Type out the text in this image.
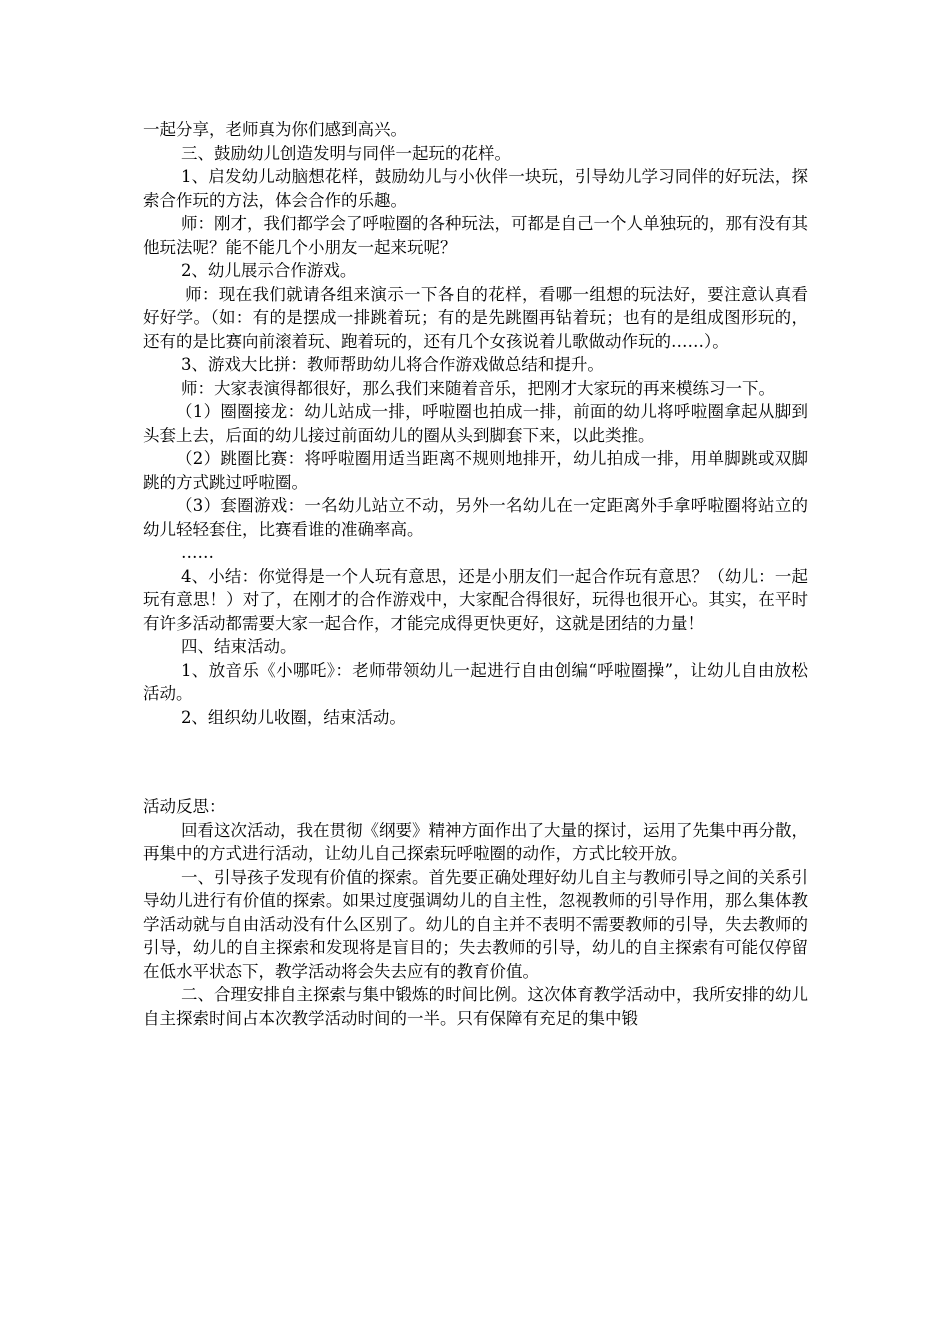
一起分享，老师真为你们感到高兴。

三、鼓励幼儿创造发明与同伴一起玩的花样。

1、启发幼儿动脑想花样，鼓励幼儿与小伙伴一块玩，引导幼儿学习同伴的好玩法，探索合作玩的方法，体会合作的乐趣。

师：刚才，我们都学会了呼啦圈的各种玩法，可都是自己一个人单独玩的，那有没有其他玩法呢？能不能几个小朋友一起来玩呢？

2、幼儿展示合作游戏。

师：现在我们就请各组来演示一下各自的花样，看哪一组想的玩法好，要注意认真看好好学。（如：有的是摆成一排跳着玩；有的是先跳圈再钻着玩；也有的是组成图形玩的，还有的是比赛向前滚着玩、跑着玩的，还有几个女孩说着儿歌做动作玩的……）。

3、游戏大比拼：教师帮助幼儿将合作游戏做总结和提升。

师：大家表演得都很好，那么我们来随着音乐，把刚才大家玩的再来模练习一下。

（1）圈圈接龙：幼儿站成一排，呼啦圈也拍成一排，前面的幼儿将呼啦圈拿起从脚到头套上去，后面的幼儿接过前面幼儿的圈从头到脚套下来，以此类推。

（2）跳圈比赛：将呼啦圈用适当距离不规则地排开，幼儿拍成一排，用单脚跳或双脚跳的方式跳过呼啦圈。

（3）套圈游戏：一名幼儿站立不动，另外一名幼儿在一定距离外手拿呼啦圈将站立的幼儿轻轻套住，比赛看谁的准确率高。

……

4、小结：你觉得是一个人玩有意思，还是小朋友们一起合作玩有意思？（幼儿：一起玩有意思！）对了，在刚才的合作游戏中，大家配合得很好，玩得也很开心。其实，在平时有许多活动都需要大家一起合作，才能完成得更快更好，这就是团结的力量！

四、结束活动。

1、放音乐《小哪吒》：老师带领幼儿一起进行自由创编“呼啦圈操”，让幼儿自由放松活动。

2、组织幼儿收圈，结束活动。

活动反思：

回看这次活动，我在贯彻《纲要》精神方面作出了大量的探讨，运用了先集中再分散，再集中的方式进行活动，让幼儿自己探索玩呼啦圈的动作，方式比较开放。

一、引导孩子发现有价值的探索。首先要正确处理好幼儿自主与教师引导之间的关系引导幼儿进行有价值的探索。如果过度强调幼儿的自主性，忽视教师的引导作用，那么集体教学活动就与自由活动没有什么区别了。幼儿的自主并不表明不需要教师的引导，失去教师的引导，幼儿的自主探索和发现将是盲目的；失去教师的引导，幼儿的自主探索有可能仅停留在低水平状态下，教学活动将会失去应有的教育价值。

二、合理安排自主探索与集中锻炼的时间比例。这次体育教学活动中，我所安排的幼儿自主探索时间占本次教学活动时间的一半。只有保障有充足的集中锻
